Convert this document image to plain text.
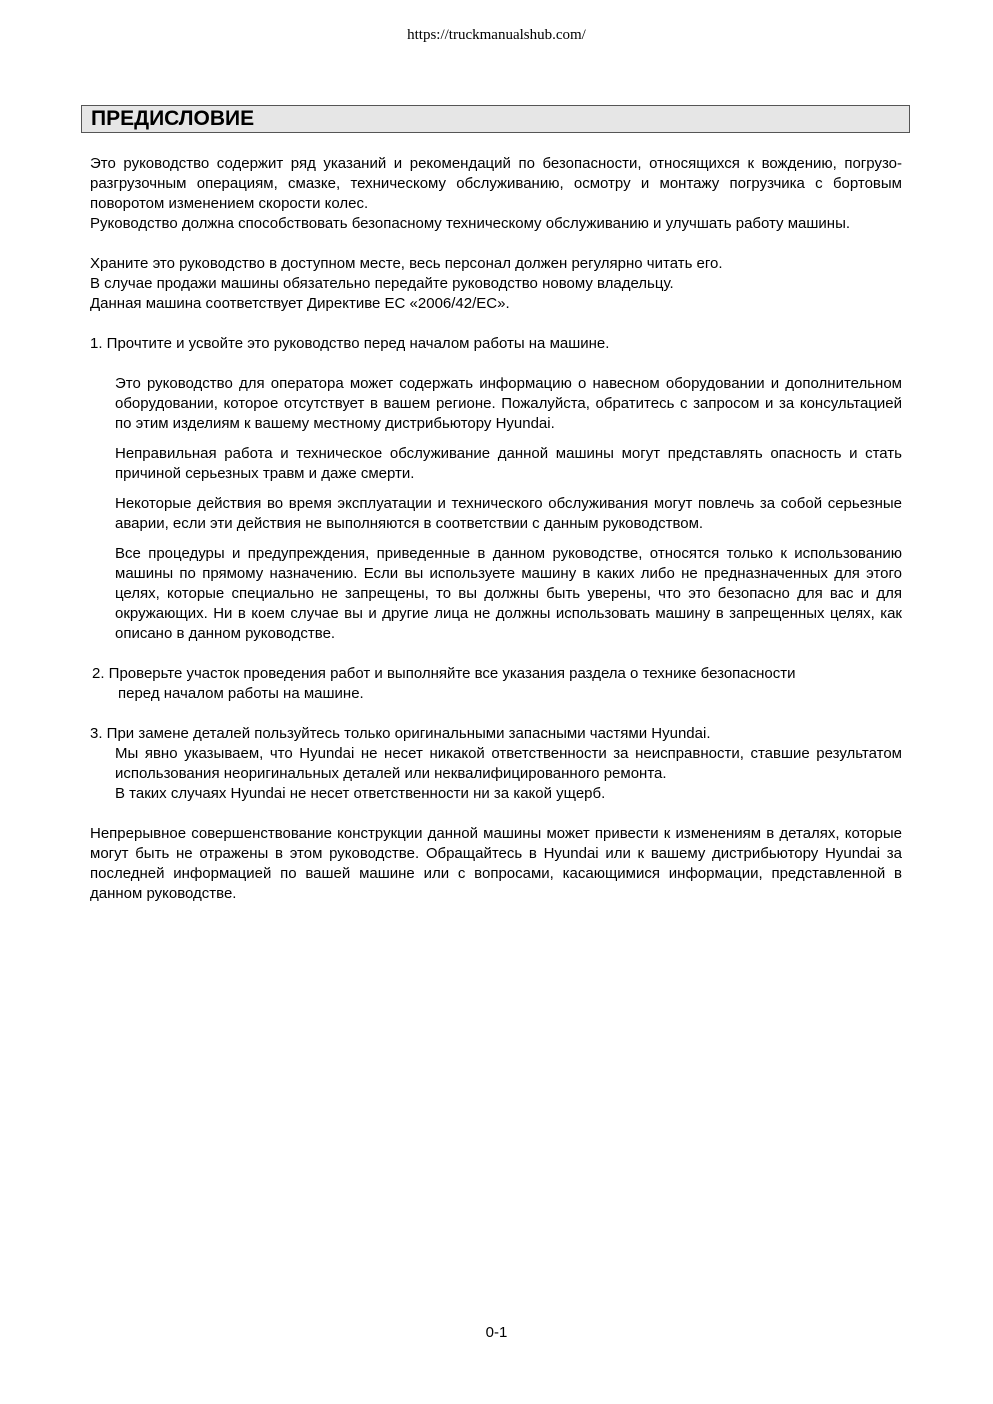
https://truckmanualshub.com/
ПРЕДИСЛОВИЕ

Это руководство содержит ряд указаний и рекомендаций по безопасности, относящихся к вождению, погрузо-разгрузочным операциям, смазке, техническому обслуживанию, осмотру и монтажу погрузчика с бортовым поворотом изменением скорости колес.

Руководство должна способствовать безопасному техническому обслуживанию и улучшать работу машины.

Храните это руководство в доступном месте, весь персонал должен регулярно читать его.

В случае продажи машины обязательно передайте руководство новому владельцу.

Данная машина соответствует Директиве ЕС «2006/42/EC».

1. Прочтите и усвойте это руководство перед началом работы на машине.

Это руководство для оператора может содержать информацию о навесном оборудовании и дополнительном оборудовании, которое отсутствует в вашем регионе. Пожалуйста, обратитесь с запросом и за консультацией по этим изделиям к вашему местному дистрибьютору Hyundai.

Неправильная работа и техническое обслуживание данной машины могут представлять опасность и стать причиной серьезных травм и даже смерти.

Некоторые действия во время эксплуатации и технического обслуживания могут повлечь за собой серьезные аварии, если эти действия не выполняются в соответствии с данным руководством.

Все процедуры и предупреждения, приведенные в данном руководстве, относятся только к использованию машины по прямому назначению. Если вы используете машину в каких либо не предназначенных для этого целях, которые специально не запрещены, то вы должны быть уверены, что это безопасно для вас и для окружающих. Ни в коем случае вы и другие лица не должны использовать машину в запрещенных целях, как описано в данном руководстве.

2. Проверьте участок проведения работ и выполняйте все указания раздела о технике безопасности

перед началом работы на машине.

3. При замене деталей пользуйтесь только оригинальными запасными частями Hyundai.

Мы явно указываем, что Hyundai не несет никакой ответственности за неисправности, ставшие результатом использования неоригинальных деталей или неквалифицированного ремонта.

В таких случаях Hyundai не несет ответственности ни за какой ущерб.

Непрерывное совершенствование конструкции данной машины может привести к изменениям в деталях, которые могут быть не отражены в этом руководстве. Обращайтесь в Hyundai или к вашему дистрибьютору Hyundai за последней информацией по вашей машине или с вопросами, касающимися информации, представленной в данном руководстве.

0-1
